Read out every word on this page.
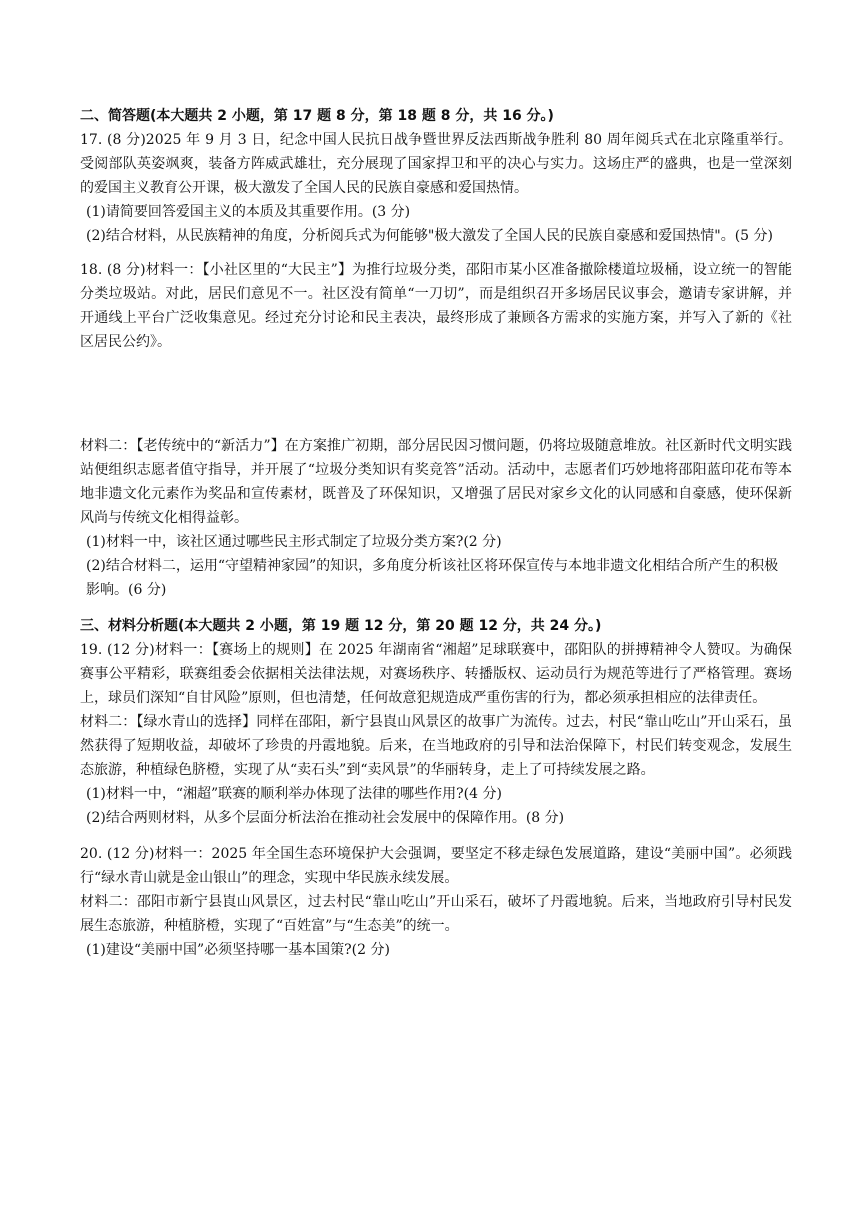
二、简答题(本大题共 2 小题，第 17 题 8 分，第 18 题 8 分，共 16 分。)

17. (8 分)2025 年 9 月 3 日，纪念中国人民抗日战争暨世界反法西斯战争胜利 80 周年阅兵式在北京隆重举行。受阅部队英姿飒爽，装备方阵威武雄壮，充分展现了国家捍卫和平的决心与实力。这场庄严的盛典，也是一堂深刻的爱国主义教育公开课，极大激发了全国人民的民族自豪感和爱国热情。

(1)请简要回答爱国主义的本质及其重要作用。(3 分)

(2)结合材料，从民族精神的角度，分析阅兵式为何能够"极大激发了全国人民的民族自豪感和爱国热情"。(5 分)

18. (8 分)材料一：【小社区里的“大民主”】为推行垃圾分类，邵阳市某小区准备撤除楼道垃圾桶，设立统一的智能分类垃圾站。对此，居民们意见不一。社区没有简单“一刀切”，而是组织召开多场居民议事会，邀请专家讲解，并开通线上平台广泛收集意见。经过充分讨论和民主表决，最终形成了兼顾各方需求的实施方案，并写入了新的《社区居民公约》。

材料二：【老传统中的“新活力”】在方案推广初期，部分居民因习惯问题，仍将垃圾随意堆放。社区新时代文明实践站便组织志愿者值守指导，并开展了“垃圾分类知识有奖竞答”活动。活动中，志愿者们巧妙地将邵阳蓝印花布等本地非遗文化元素作为奖品和宣传素材，既普及了环保知识，又增强了居民对家乡文化的认同感和自豪感，使环保新风尚与传统文化相得益彰。

(1)材料一中，该社区通过哪些民主形式制定了垃圾分类方案?(2 分)

(2)结合材料二，运用“守望精神家园”的知识，多角度分析该社区将环保宣传与本地非遗文化相结合所产生的积极影响。(6 分)

三、材料分析题(本大题共 2 小题，第 19 题 12 分，第 20 题 12 分，共 24 分。)

19. (12 分)材料一：【赛场上的规则】在 2025 年湖南省“湘超”足球联赛中，邵阳队的拼搏精神令人赞叹。为确保赛事公平精彩，联赛组委会依据相关法律法规，对赛场秩序、转播版权、运动员行为规范等进行了严格管理。赛场上，球员们深知“自甘风险”原则，但也清楚，任何故意犯规造成严重伤害的行为，都必须承担相应的法律责任。

材料二：【绿水青山的选择】同样在邵阳，新宁县崀山风景区的故事广为流传。过去，村民“靠山吃山”开山采石，虽然获得了短期收益，却破坏了珍贵的丹霞地貌。后来，在当地政府的引导和法治保障下，村民们转变观念，发展生态旅游，种植绿色脐橙，实现了从“卖石头”到“卖风景”的华丽转身，走上了可持续发展之路。

(1)材料一中，“湘超”联赛的顺利举办体现了法律的哪些作用?(4 分)

(2)结合两则材料，从多个层面分析法治在推动社会发展中的保障作用。(8 分)

20. (12 分)材料一：2025 年全国生态环境保护大会强调，要坚定不移走绿色发展道路，建设“美丽中国”。必须践行“绿水青山就是金山银山”的理念，实现中华民族永续发展。

材料二：邵阳市新宁县崀山风景区，过去村民“靠山吃山”开山采石，破坏了丹霞地貌。后来，当地政府引导村民发展生态旅游，种植脐橙，实现了“百姓富”与“生态美”的统一。

(1)建设“美丽中国”必须坚持哪一基本国策?(2 分)
